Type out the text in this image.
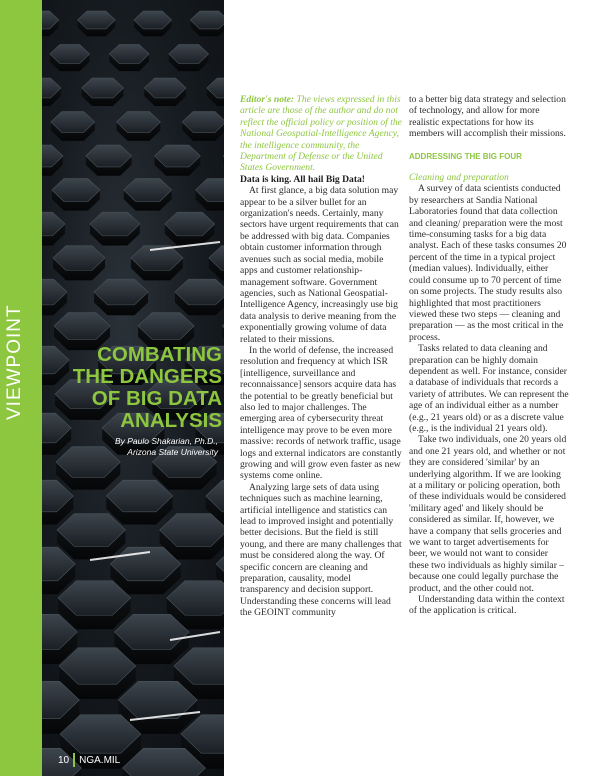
VIEWPOINT	COMBATING THE DANGERS OF BIG DATA ANALYSIS
By Paulo Shakarian, Ph.D.,
Arizona State University
10 NGA.MIL

Editor's note: The views expressed in this article are those of the author and do not reflect the official policy or position of the National Geospatial-Intelligence Agency, the intelligence community, the Department of Defense or the United States Government.

Data is king. All hail Big Data!

At first glance, a big data solution may appear to be a silver bullet for an organization's needs. Certainly, many sectors have urgent requirements that can be addressed with big data. Companies obtain customer information through avenues such as social media, mobile apps and customer relationship-management software. Government agencies, such as National Geospatial-Intelligence Agency, increasingly use big data analysis to derive meaning from the exponentially growing volume of data related to their missions.

In the world of defense, the increased resolution and frequency at which ISR [intelligence, surveillance and reconnaissance] sensors acquire data has the potential to be greatly beneficial but also led to major challenges. The emerging area of cybersecurity threat intelligence may prove to be even more massive: records of network traffic, usage logs and external indicators are constantly growing and will grow even faster as new systems come online.

Analyzing large sets of data using techniques such as machine learning, artificial intelligence and statistics can lead to improved insight and potentially better decisions. But the field is still young, and there are many challenges that must be considered along the way. Of specific concern are cleaning and preparation, causality, model transparency and decision support. Understanding these concerns will lead the GEOINT community

to a better big data strategy and selection of technology, and allow for more realistic expectations for how its members will accomplish their missions.

ADDRESSING THE BIG FOUR

Cleaning and preparation

A survey of data scientists conducted by researchers at Sandia National Laboratories found that data collection and cleaning/ preparation were the most time-consuming tasks for a big data analyst. Each of these tasks consumes 20 percent of the time in a typical project (median values). Individually, either could consume up to 70 percent of time on some projects. The study results also highlighted that most practitioners viewed these two steps — cleaning and preparation — as the most critical in the process.

Tasks related to data cleaning and preparation can be highly domain dependent as well. For instance, consider a database of individuals that records a variety of attributes. We can represent the age of an individual either as a number (e.g., 21 years old) or as a discrete value (e.g., is the individual 21 years old).

Take two individuals, one 20 years old and one 21 years old, and whether or not they are considered 'similar' by an underlying algorithm. If we are looking at a military or policing operation, both of these individuals would be considered 'military aged' and likely should be considered as similar. If, however, we have a company that sells groceries and we want to target advertisements for beer, we would not want to consider these two individuals as highly similar – because one could legally purchase the product, and the other could not.

Understanding data within the context of the application is critical.
